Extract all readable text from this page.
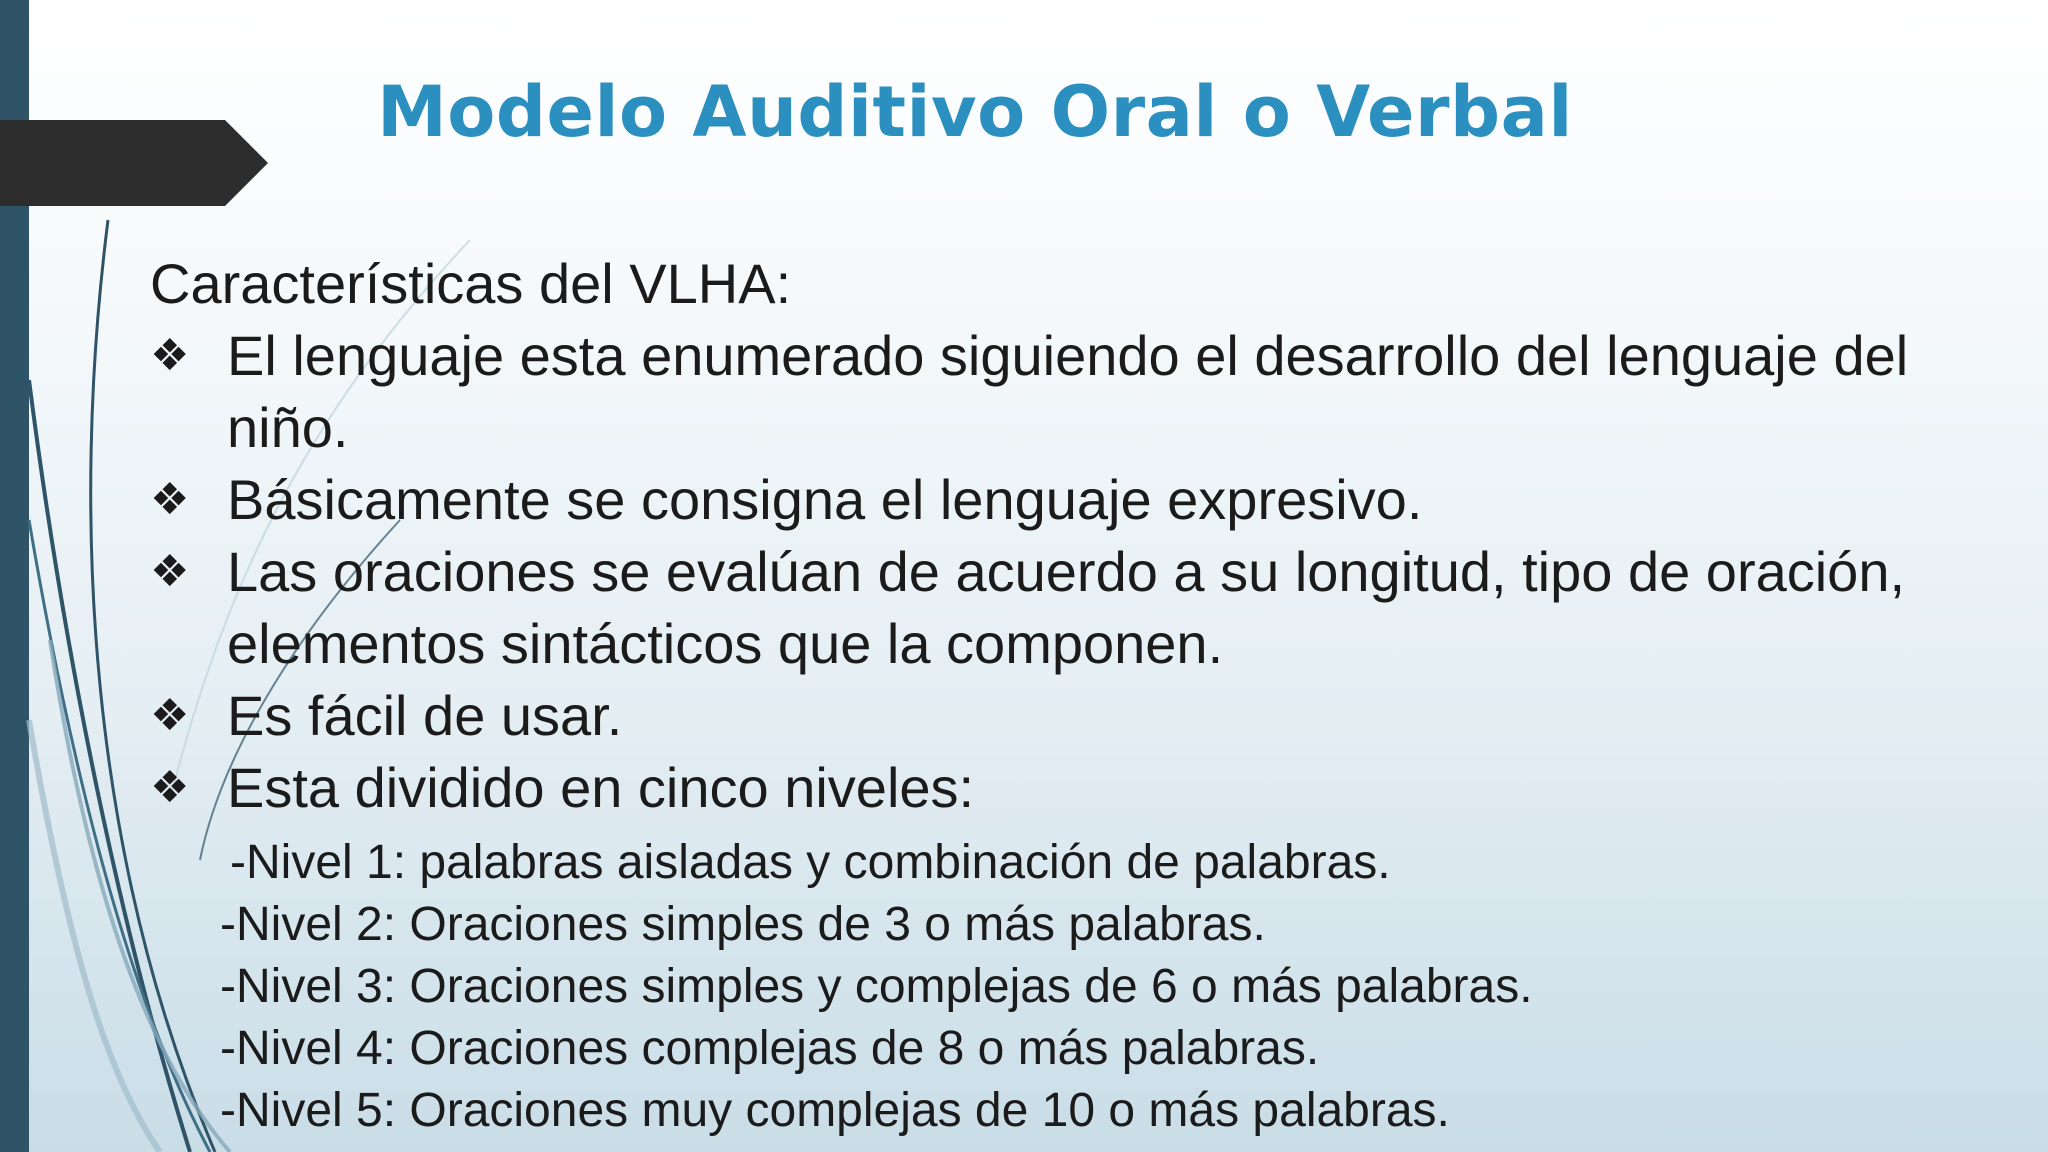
Modelo Auditivo Oral o Verbal
Características del VLHA:
❖ El lenguaje esta enumerado siguiendo el desarrollo del lenguaje del niño.
❖ Básicamente se consigna el lenguaje expresivo.
❖ Las oraciones se evalúan de acuerdo a su longitud, tipo de oración, elementos sintácticos que la componen.
❖ Es fácil de usar.
❖ Esta dividido en cinco niveles:
-Nivel 1: palabras aisladas y combinación de palabras.
-Nivel 2: Oraciones simples de 3 o más palabras.
-Nivel 3: Oraciones simples y complejas de 6 o más palabras.
-Nivel 4: Oraciones complejas de 8 o más palabras.
-Nivel 5: Oraciones muy complejas de 10 o más palabras.
